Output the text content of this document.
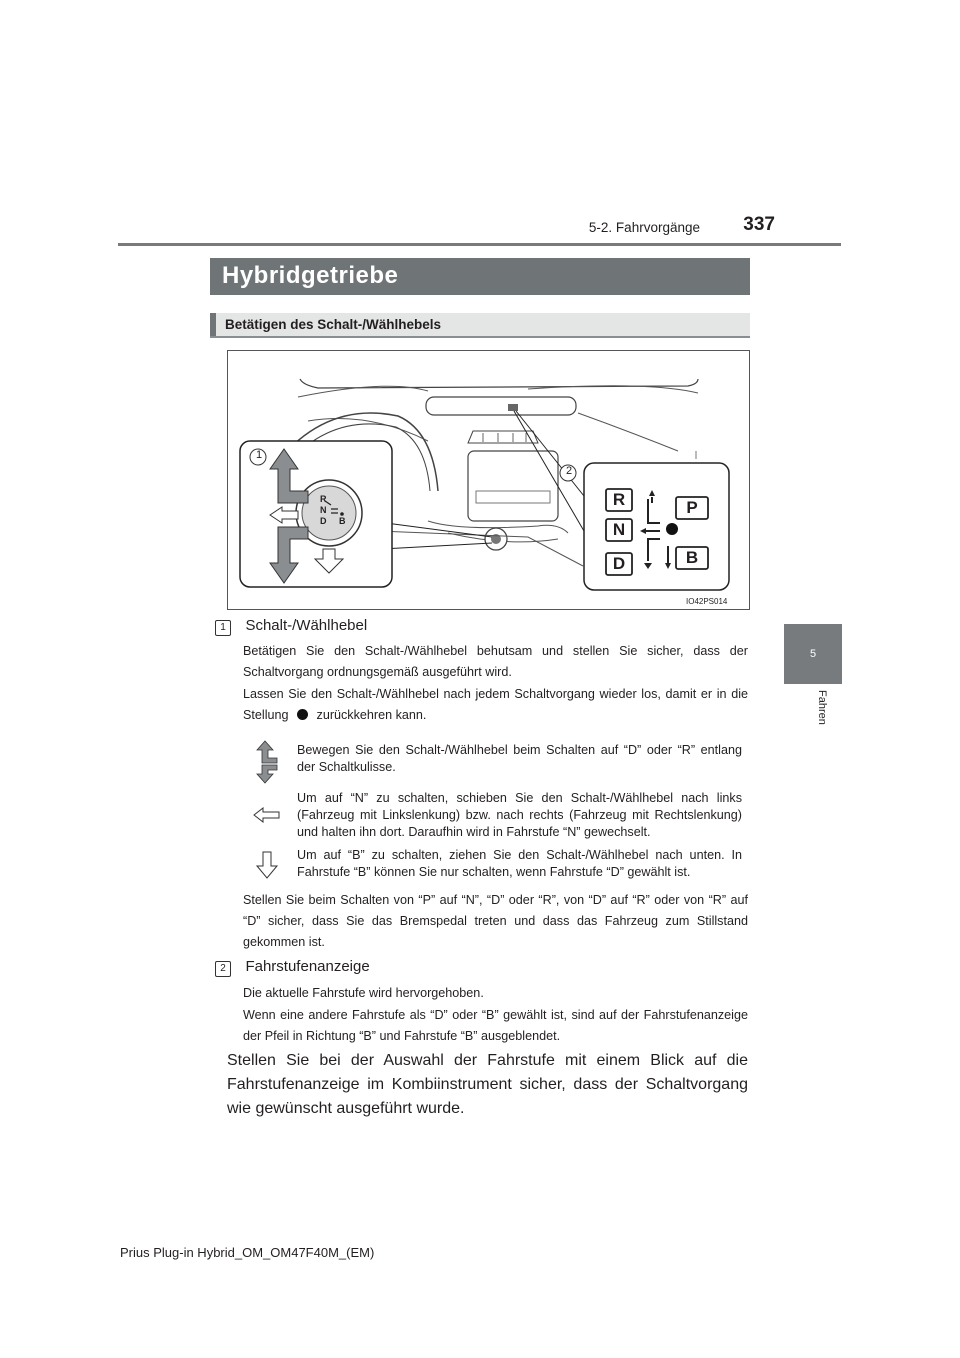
5-2. Fahrvorgänge	337
5
Fahren
Hybridgetriebe
Betätigen des Schalt-/Wählhebels
1
2
R
N
D B
R
N
D
P
B
IO42PS014
1 Schalt-/Wählhebel
Betätigen Sie den Schalt-/Wählhebel behutsam und stellen Sie sicher, dass der Schaltvorgang ordnungsgemäß ausgeführt wird.
Lassen Sie den Schalt-/Wählhebel nach jedem Schaltvorgang wieder los, damit er in die Stellung zurückkehren kann.
Bewegen Sie den Schalt-/Wählhebel beim Schalten auf “D” oder “R” entlang der Schaltkulisse.
Um auf “N” zu schalten, schieben Sie den Schalt-/Wählhebel nach links (Fahrzeug mit Linkslenkung) bzw. nach rechts (Fahrzeug mit Rechtslenkung) und halten ihn dort. Daraufhin wird in Fahrstufe “N” gewechselt.
Um auf “B” zu schalten, ziehen Sie den Schalt-/Wählhebel nach unten. In Fahrstufe “B” können Sie nur schalten, wenn Fahrstufe “D” gewählt ist.
Stellen Sie beim Schalten von “P” auf “N”, “D” oder “R”, von “D” auf “R” oder von “R” auf “D” sicher, dass Sie das Bremspedal treten und dass das Fahrzeug zum Stillstand gekommen ist.
2 Fahrstufenanzeige
Die aktuelle Fahrstufe wird hervorgehoben.
Wenn eine andere Fahrstufe als “D” oder “B” gewählt ist, sind auf der Fahrstufenanzeige der Pfeil in Richtung “B” und Fahrstufe “B” ausgeblendet.
Stellen Sie bei der Auswahl der Fahrstufe mit einem Blick auf die Fahrstufenanzeige im Kombiinstrument sicher, dass der Schaltvorgang wie gewünscht ausgeführt wurde.
Prius Plug-in Hybrid_OM_OM47F40M_(EM)
